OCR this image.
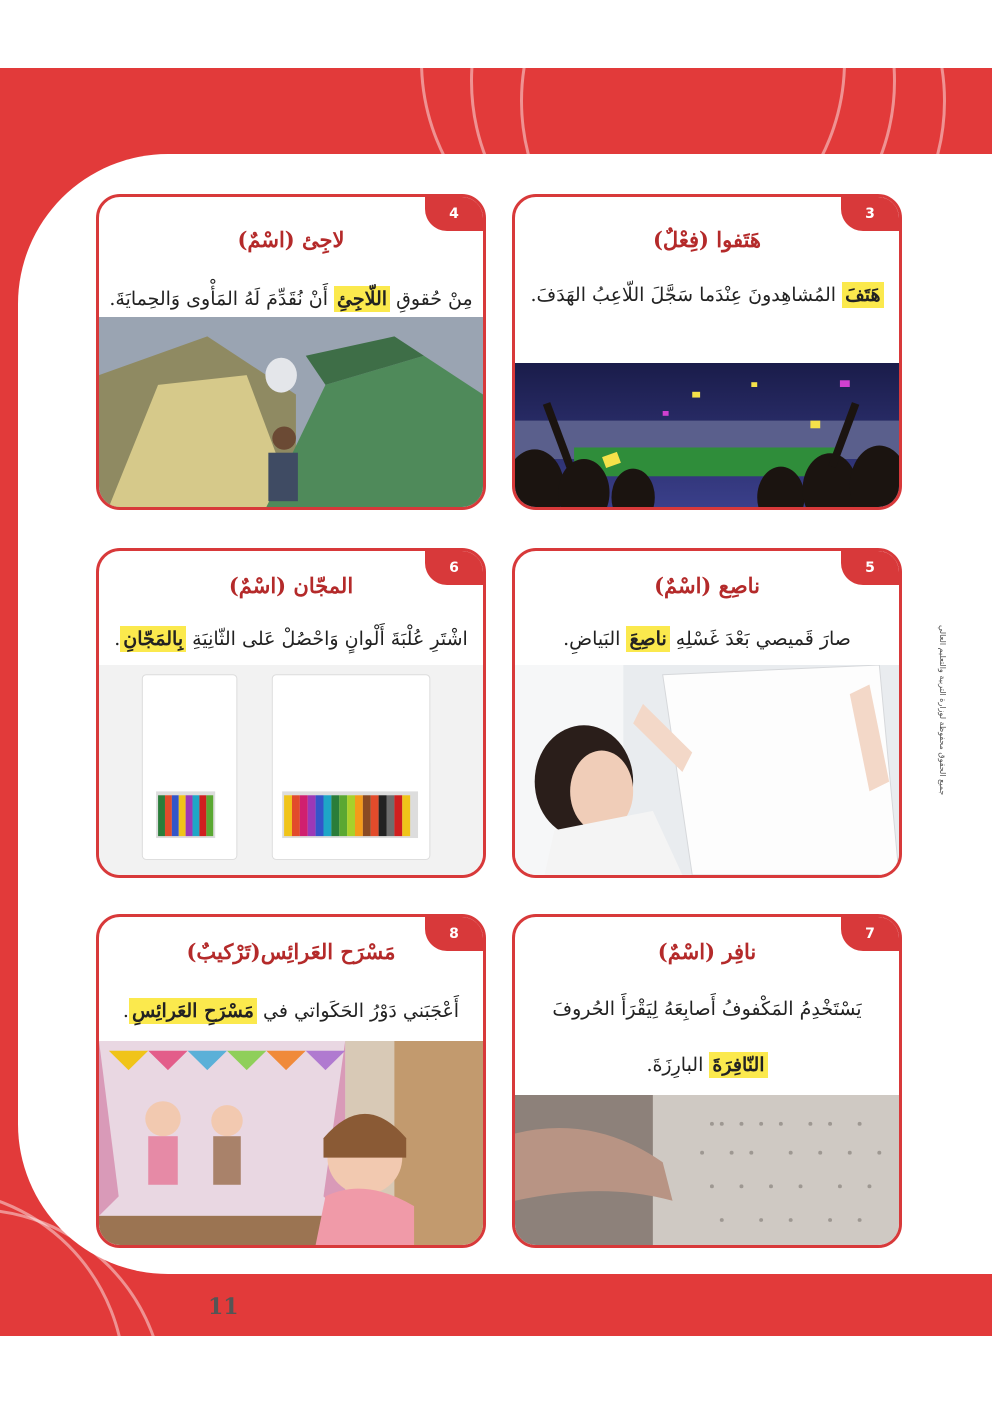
جميع الحقوق محفوظة لوزارة التربية والتعليم العالي
3
هَتَفوا (فِعْلٌ)
هَتَفَ المُشاهِدونَ عِنْدَما سَجَّلَ اللّاعِبُ الهَدَفَ.
4
لاجِئ (اسْمٌ)
مِنْ حُقوقِ اللّاجِئِ أَنْ نُقَدِّمَ لَهُ المَأْوى وَالحِمايَةَ.
5
ناصِع (اسْمٌ)
صارَ قَميصي بَعْدَ غَسْلِهِ ناصِعَ البَياضِ.
6
المجّان (اسْمٌ)
اشْتَرِ عُلْبَةَ أَلْوانٍ وَاحْصُلْ عَلى الثّانِيَةِ بِالمَجّانِ.
7
نافِر (اسْمٌ)
يَسْتَخْدِمُ المَكْفوفُ أَصابِعَهُ لِيَقْرَأَ الحُروفَ
النّافِرَةَ البارِزَةَ.
8
مَسْرَح العَرائِس(تَرْكيبٌ)
أَعْجَبَني دَوْرُ الحَكَواتي في مَسْرَحِ العَرائِسِ.
11
